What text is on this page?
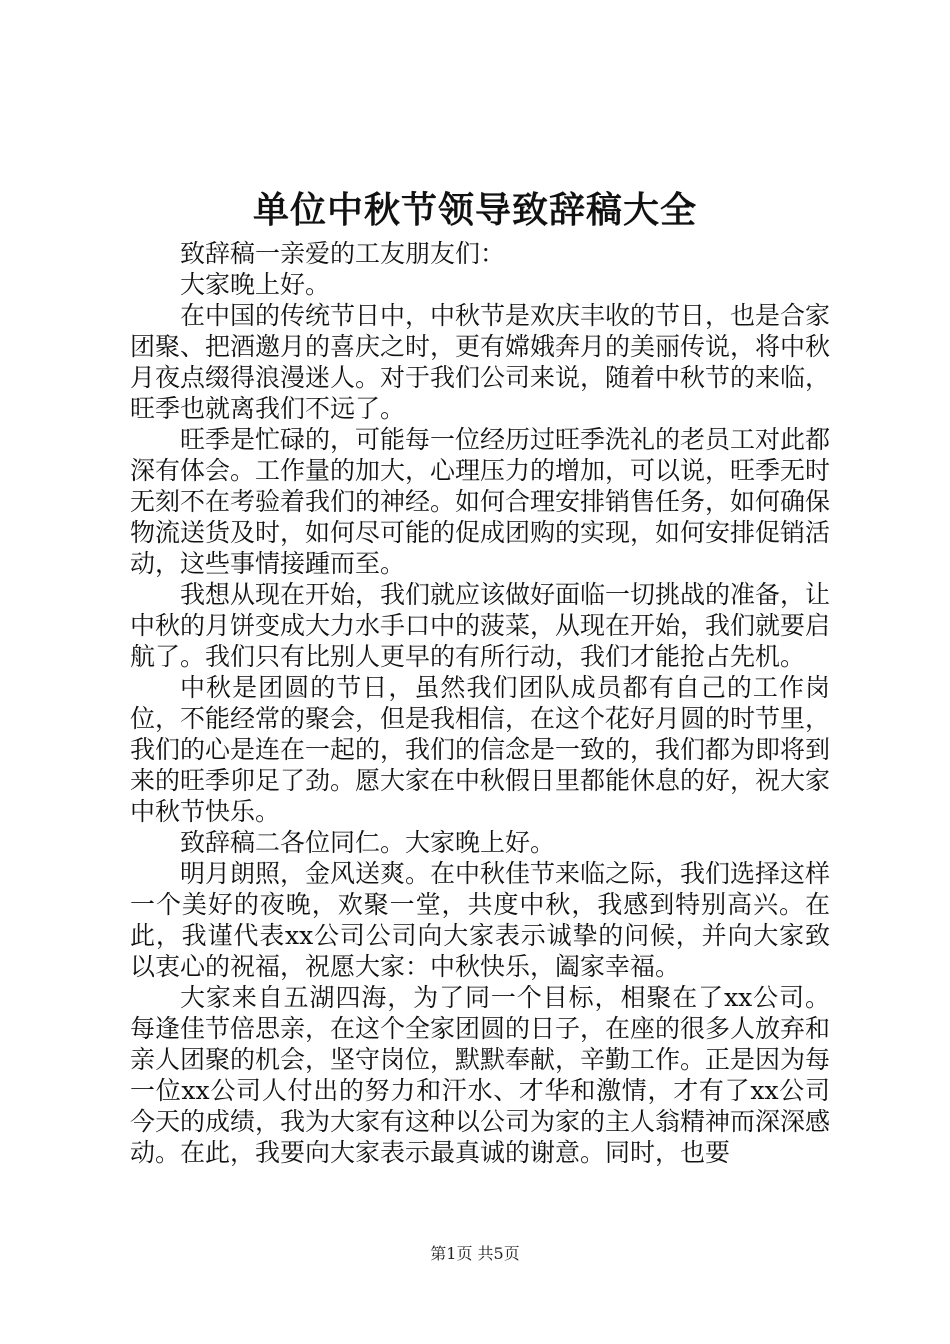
单位中秋节领导致辞稿大全

致辞稿一亲爱的工友朋友们：

大家晚上好。

在中国的传统节日中，中秋节是欢庆丰收的节日，也是合家团聚、把酒邀月的喜庆之时，更有嫦娥奔月的美丽传说，将中秋月夜点缀得浪漫迷人。对于我们公司来说，随着中秋节的来临，旺季也就离我们不远了。

旺季是忙碌的，可能每一位经历过旺季洗礼的老员工对此都深有体会。工作量的加大，心理压力的增加，可以说，旺季无时无刻不在考验着我们的神经。如何合理安排销售任务，如何确保物流送货及时，如何尽可能的促成团购的实现，如何安排促销活动，这些事情接踵而至。

我想从现在开始，我们就应该做好面临一切挑战的准备，让中秋的月饼变成大力水手口中的菠菜，从现在开始，我们就要启航了。我们只有比别人更早的有所行动，我们才能抢占先机。

中秋是团圆的节日，虽然我们团队成员都有自己的工作岗位，不能经常的聚会，但是我相信，在这个花好月圆的时节里，我们的心是连在一起的，我们的信念是一致的，我们都为即将到来的旺季卯足了劲。愿大家在中秋假日里都能休息的好，祝大家中秋节快乐。

致辞稿二各位同仁。大家晚上好。

明月朗照，金风送爽。在中秋佳节来临之际，我们选择这样一个美好的夜晚，欢聚一堂，共度中秋，我感到特别高兴。在此，我谨代表xx公司公司向大家表示诚挚的问候，并向大家致以衷心的祝福，祝愿大家：中秋快乐，阖家幸福。

大家来自五湖四海，为了同一个目标，相聚在了xx公司。每逢佳节倍思亲，在这个全家团圆的日子，在座的很多人放弃和亲人团聚的机会，坚守岗位，默默奉献，辛勤工作。正是因为每一位xx公司人付出的努力和汗水、才华和激情，才有了xx公司今天的成绩，我为大家有这种以公司为家的主人翁精神而深深感动。在此，我要向大家表示最真诚的谢意。同时，也要

第1页 共5页
